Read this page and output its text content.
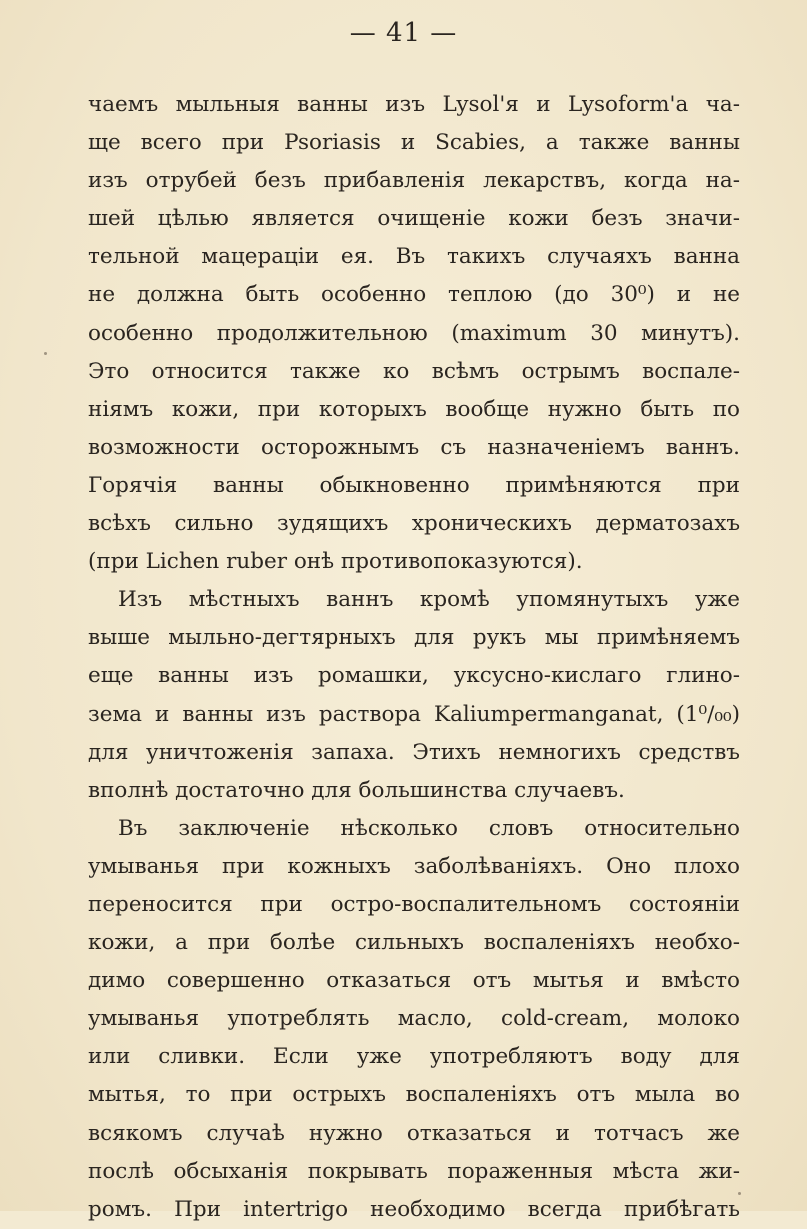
— 41 —
чаемъ мыльныя ванны изъ Lysol'я и Lysoform'а ча-
ще всего при Psoriasis и Scabies, а также ванны
изъ отрубей безъ прибавленія лекарствъ, когда на-
шей цѣлью является очищеніе кожи безъ значи-
тельной мацераціи ея. Въ такихъ случаяхъ ванна
не должна быть особенно теплою (до 30⁰) и не
особенно продолжительною (maximum 30 минутъ).
Это относится также ко всѣмъ острымъ воспале-
ніямъ кожи, при которыхъ вообще нужно быть по
возможности осторожнымъ съ назначеніемъ ваннъ.
Горячія ванны обыкновенно примѣняются при
всѣхъ сильно зудящихъ хроническихъ дерматозахъ
(при Lichen ruber онѣ противопоказуются).
Изъ мѣстныхъ ваннъ кромѣ упомянутыхъ уже
выше мыльно-дегтярныхъ для рукъ мы примѣняемъ
еще ванны изъ ромашки, уксусно-кислаго глино-
зема и ванны изъ раствора Kaliumpermanganat, (1⁰/₀₀)
для уничтоженія запаха. Этихъ немногихъ средствъ
вполнѣ достаточно для большинства случаевъ.
Въ заключеніе нѣсколько словъ относительно
умыванья при кожныхъ заболѣваніяхъ. Оно плохо
переносится при остро-воспалительномъ состояніи
кожи, а при болѣе сильныхъ воспаленіяхъ необхо-
димо совершенно отказаться отъ мытья и вмѣсто
умыванья употреблять масло, cold-cream, молоко
или сливки. Если уже употребляютъ воду для
мытья, то при острыхъ воспаленіяхъ отъ мыла во
всякомъ случаѣ нужно отказаться и тотчасъ же
послѣ обсыханія покрывать пораженныя мѣста жи-
ромъ. При intertrigo необходимо всегда прибѣгать
